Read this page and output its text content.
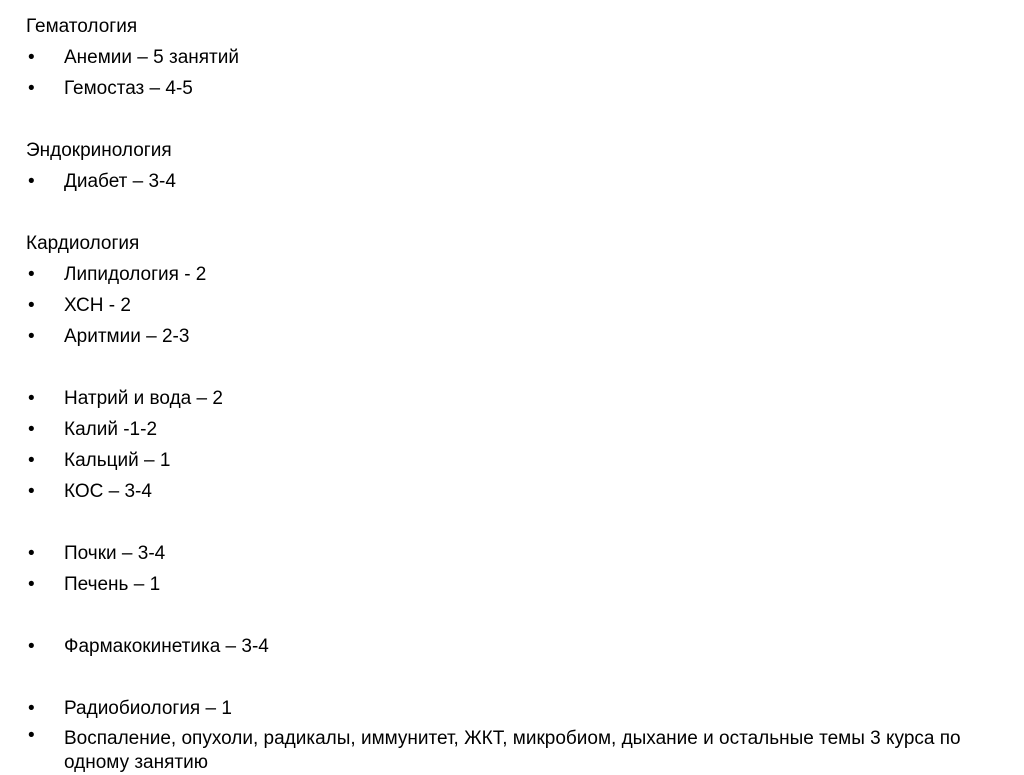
Гематология
•	Анемии – 5 занятий
•	Гемостаз – 4-5
Эндокринология
•	Диабет – 3-4
Кардиология
•	Липидология - 2
•	ХСН - 2
•	Аритмии – 2-3
•	Натрий и вода – 2
•	Калий -1-2
•	Кальций – 1
•	КОС – 3-4
•	Почки – 3-4
•	Печень – 1
•	Фармакокинетика – 3-4
•	Радиобиология – 1
•	Воспаление, опухоли, радикалы, иммунитет, ЖКТ, микробиом, дыхание и остальные темы 3 курса по одному занятию
